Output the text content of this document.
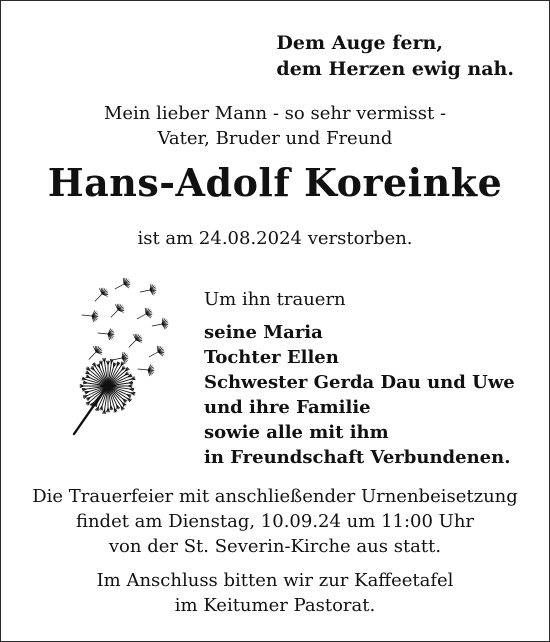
Dem Auge fern,
dem Herzen ewig nah.
Mein lieber Mann - so sehr vermisst -
Vater, Bruder und Freund
Hans-Adolf Koreinke
ist am 24.08.2024 verstorben.
Um ihn trauern
seine Maria
Tochter Ellen
Schwester Gerda Dau und Uwe
und ihre Familie
sowie alle mit ihm
in Freundschaft Verbundenen.
Die Trauerfeier mit anschließender Urnenbeisetzung
findet am Dienstag, 10.09.24 um 11:00 Uhr
von der St. Severin-Kirche aus statt.
Im Anschluss bitten wir zur Kaffeetafel
im Keitumer Pastorat.
